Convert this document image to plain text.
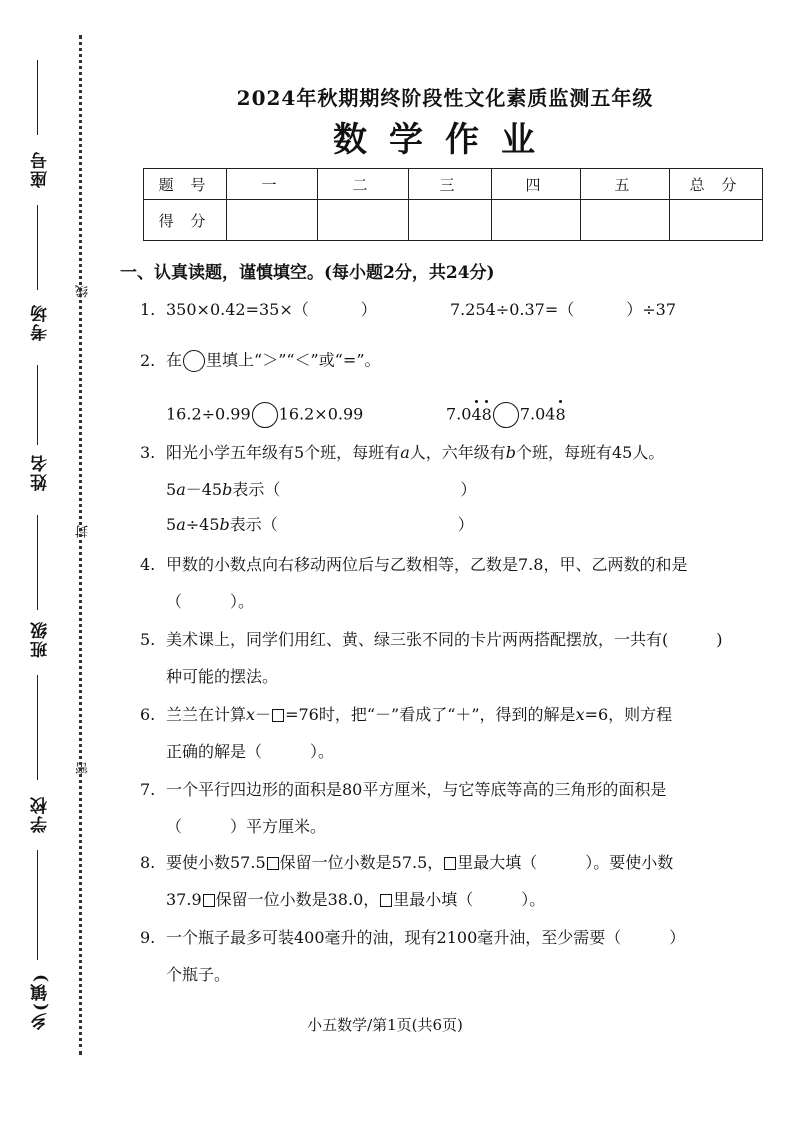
座号
考场
线
姓名
封
班级
学校
密
乡(镇)
2024年秋期期终阶段性文化素质监测五年级
数学作业
题 号	一	二	三	四	五	总 分
得 分						
一、认真读题，谨慎填空。(每小题2分，共24分)
1. 350×0.42=35×（	）	7.254÷0.37=（	）÷37
2. 在 里填上“＞”“＜”或“=”。
16.2÷0.99 16.2×0.99	7.048 7.048
3. 阳光小学五年级有5个班，每班有a人，六年级有b个班，每班有45人。
5a－45b表示（	）
5a÷45b表示（	）
4. 甲数的小数点向右移动两位后与乙数相等，乙数是7.8，甲、乙两数的和是
（　　　）。
5. 美术课上，同学们用红、黄、绿三张不同的卡片两两搭配摆放，一共有(　　　)
种可能的摆法。
6. 兰兰在计算x－ =76时，把“－”看成了“＋”，得到的解是x=6，则方程
正确的解是（　　　）。
7. 一个平行四边形的面积是80平方厘米，与它等底等高的三角形的面积是
（　　　）平方厘米。
8. 要使小数57.5 保留一位小数是57.5， 里最大填（　　　）。要使小数
37.9 保留一位小数是38.0， 里最小填（　　　）。
9. 一个瓶子最多可装400毫升的油，现有2100毫升油，至少需要（　　　）
个瓶子。
小五数学/第1页(共6页)
